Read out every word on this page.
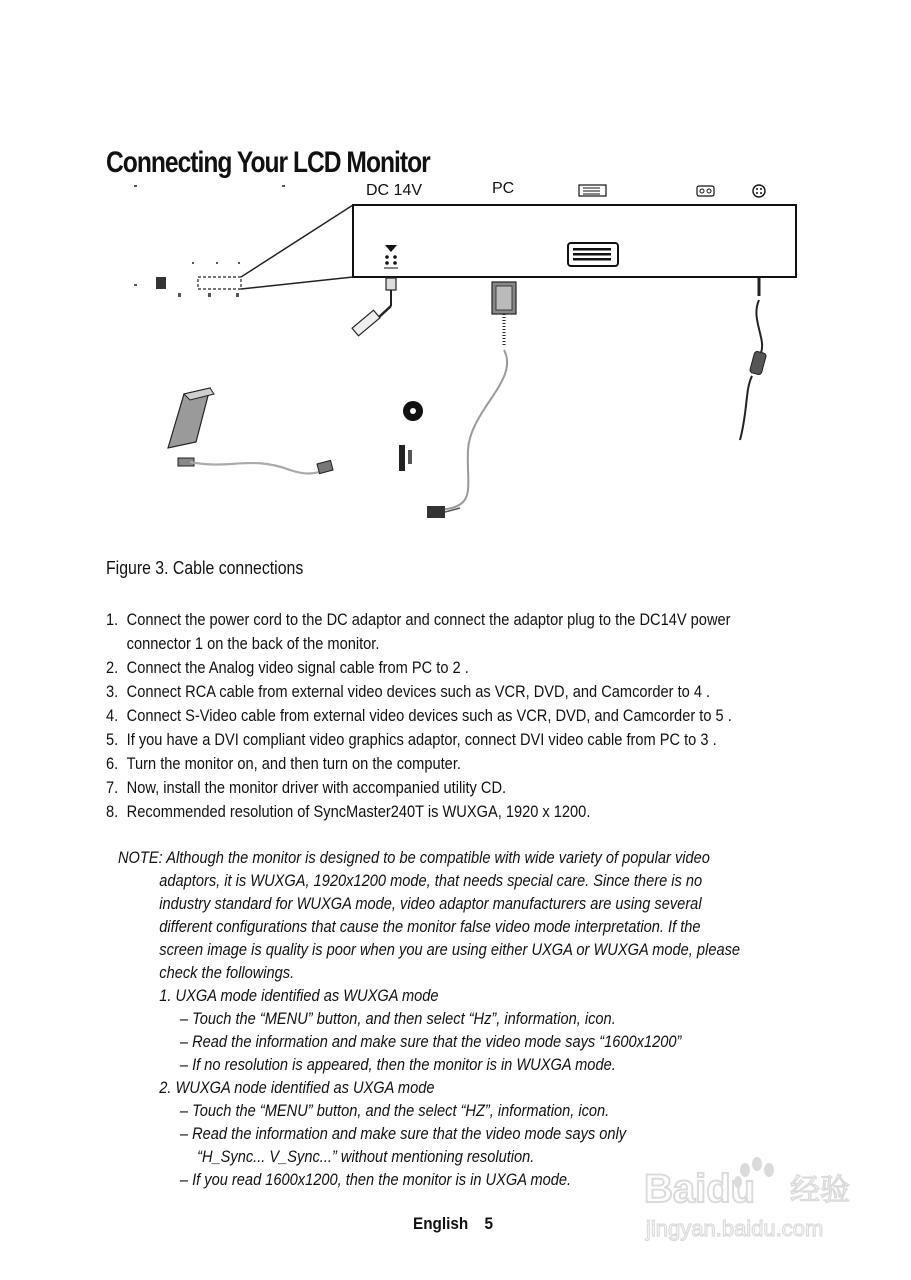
Connecting Your LCD Monitor
DC 14V	PC
Figure 3. Cable connections
1. Connect the power cord to the DC adaptor and connect the adaptor plug to the DC14V power
connector 1 on the back of the monitor.
2. Connect the Analog video signal cable from PC to 2 .
3. Connect RCA cable from external video devices such as VCR, DVD, and Camcorder to 4 .
4. Connect S-Video cable from external video devices such as VCR, DVD, and Camcorder to 5 .
5. If you have a DVI compliant video graphics adaptor, connect DVI video cable from PC to 3 .
6. Turn the monitor on, and then turn on the computer.
7. Now, install the monitor driver with accompanied utility CD.
8. Recommended resolution of SyncMaster240T is WUXGA, 1920 x 1200.
NOTE: Although the monitor is designed to be compatible with wide variety of popular video
adaptors, it is WUXGA, 1920x1200 mode, that needs special care. Since there is no
industry standard for WUXGA mode, video adaptor manufacturers are using several
different configurations that cause the monitor false video mode interpretation. If the
screen image is quality is poor when you are using either UXGA or WUXGA mode, please
check the followings.
1. UXGA mode identified as WUXGA mode
– Touch the “MENU” button, and then select “Hz”, information, icon.
– Read the information and make sure that the video mode says “1600x1200”
– If no resolution is appeared, then the monitor is in WUXGA mode.
2. WUXGA node identified as UXGA mode
– Touch the “MENU” button, and the select “HZ”, information, icon.
– Read the information and make sure that the video mode says only
“H_Sync... V_Sync...” without mentioning resolution.
– If you read 1600x1200, then the monitor is in UXGA mode.
English 5
Baidu 经验
jingyan.baidu.com
